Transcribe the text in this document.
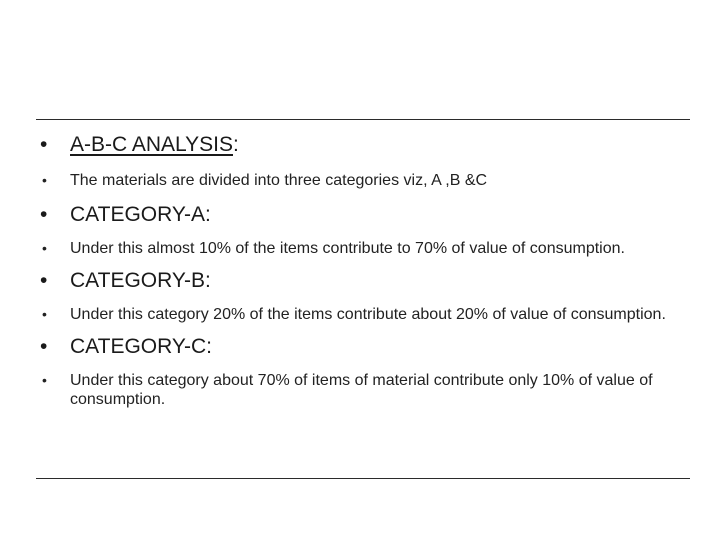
• A-B-C ANALYSIS:
• The materials are divided into three categories viz, A ,B &C
• CATEGORY-A:
• Under this almost 10% of the items contribute to 70% of value of consumption.
• CATEGORY-B:
• Under this category 20% of the items contribute about 20% of value of consumption.
• CATEGORY-C:
• Under this category about 70% of items of material contribute only 10% of value of consumption.
